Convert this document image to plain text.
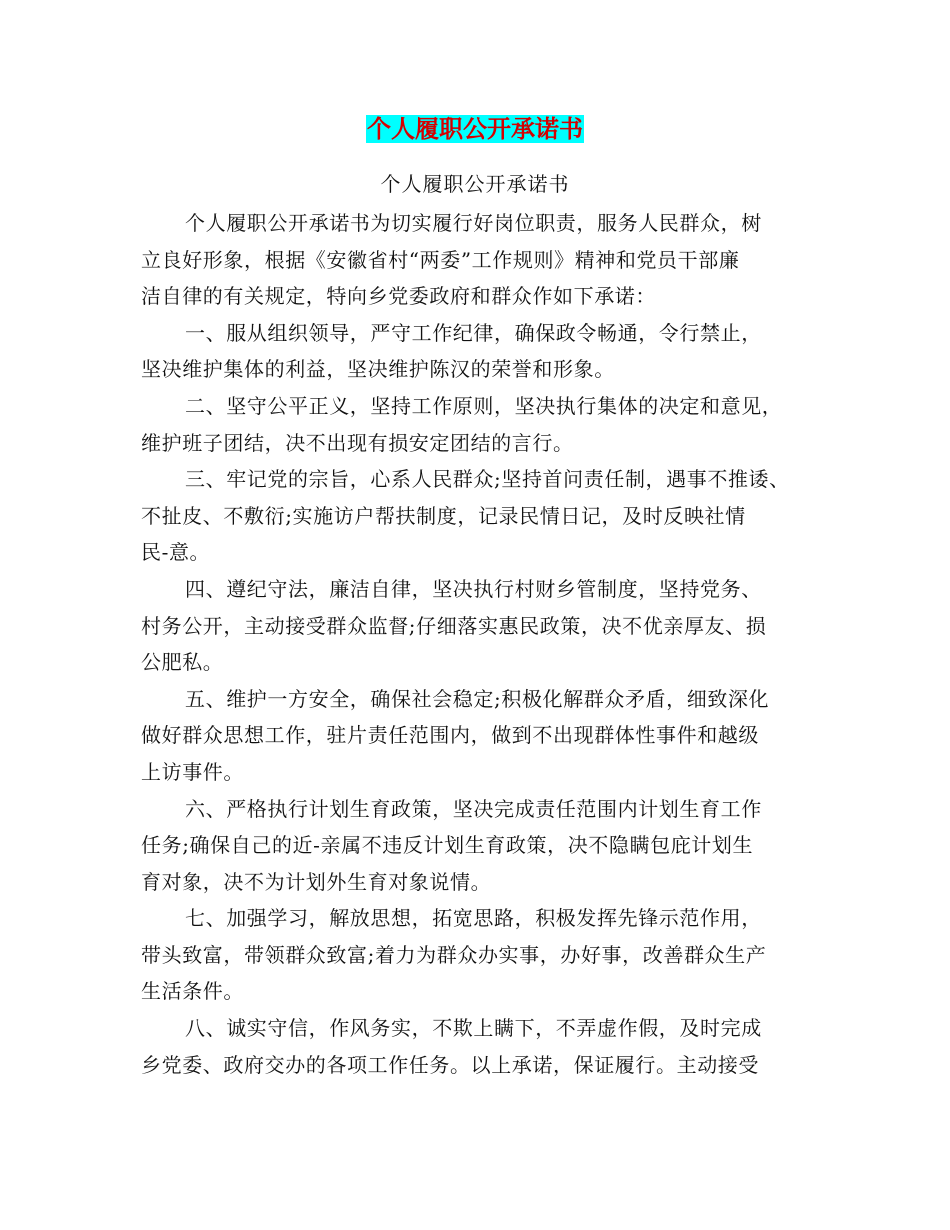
个人履职公开承诺书
个人履职公开承诺书
个人履职公开承诺书为切实履行好岗位职责，服务人民群众，树
立良好形象，根据《安徽省村“两委”工作规则》精神和党员干部廉
洁自律的有关规定，特向乡党委政府和群众作如下承诺：
一、服从组织领导，严守工作纪律，确保政令畅通，令行禁止，
坚决维护集体的利益，坚决维护陈汉的荣誉和形象。
二、坚守公平正义，坚持工作原则，坚决执行集体的决定和意见，
维护班子团结，决不出现有损安定团结的言行。
三、牢记党的宗旨，心系人民群众;坚持首问责任制，遇事不推诿、
不扯皮、不敷衍;实施访户帮扶制度，记录民情日记，及时反映社情
民-意。
四、遵纪守法，廉洁自律，坚决执行村财乡管制度，坚持党务、
村务公开，主动接受群众监督;仔细落实惠民政策，决不优亲厚友、损
公肥私。
五、维护一方安全，确保社会稳定;积极化解群众矛盾，细致深化
做好群众思想工作，驻片责任范围内，做到不出现群体性事件和越级
上访事件。
六、严格执行计划生育政策，坚决完成责任范围内计划生育工作
任务;确保自己的近-亲属不违反计划生育政策，决不隐瞒包庇计划生
育对象，决不为计划外生育对象说情。
七、加强学习，解放思想，拓宽思路，积极发挥先锋示范作用，
带头致富，带领群众致富;着力为群众办实事，办好事，改善群众生产
生活条件。
八、诚实守信，作风务实，不欺上瞒下，不弄虚作假，及时完成
乡党委、政府交办的各项工作任务。以上承诺，保证履行。主动接受
